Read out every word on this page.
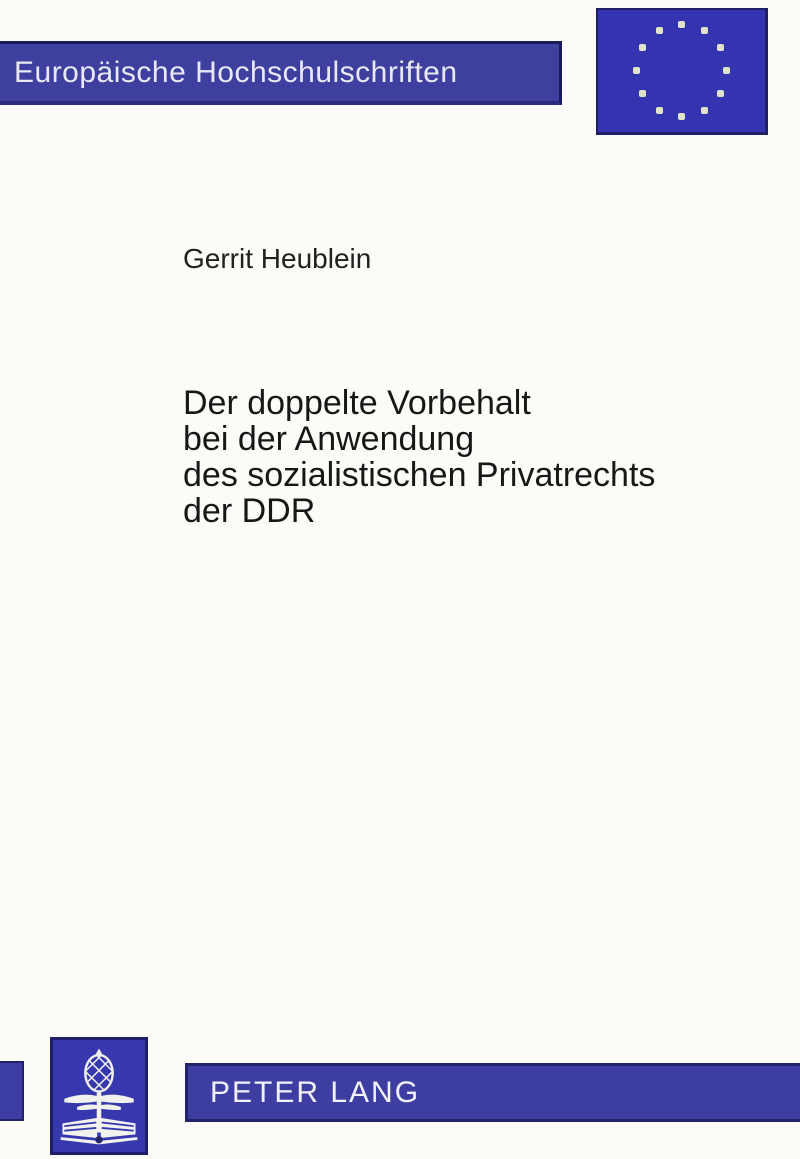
Europäische Hochschulschriften
Gerrit Heublein
Der doppelte Vorbehalt
bei der Anwendung
des sozialistischen Privatrechts
der DDR
PETER LANG
